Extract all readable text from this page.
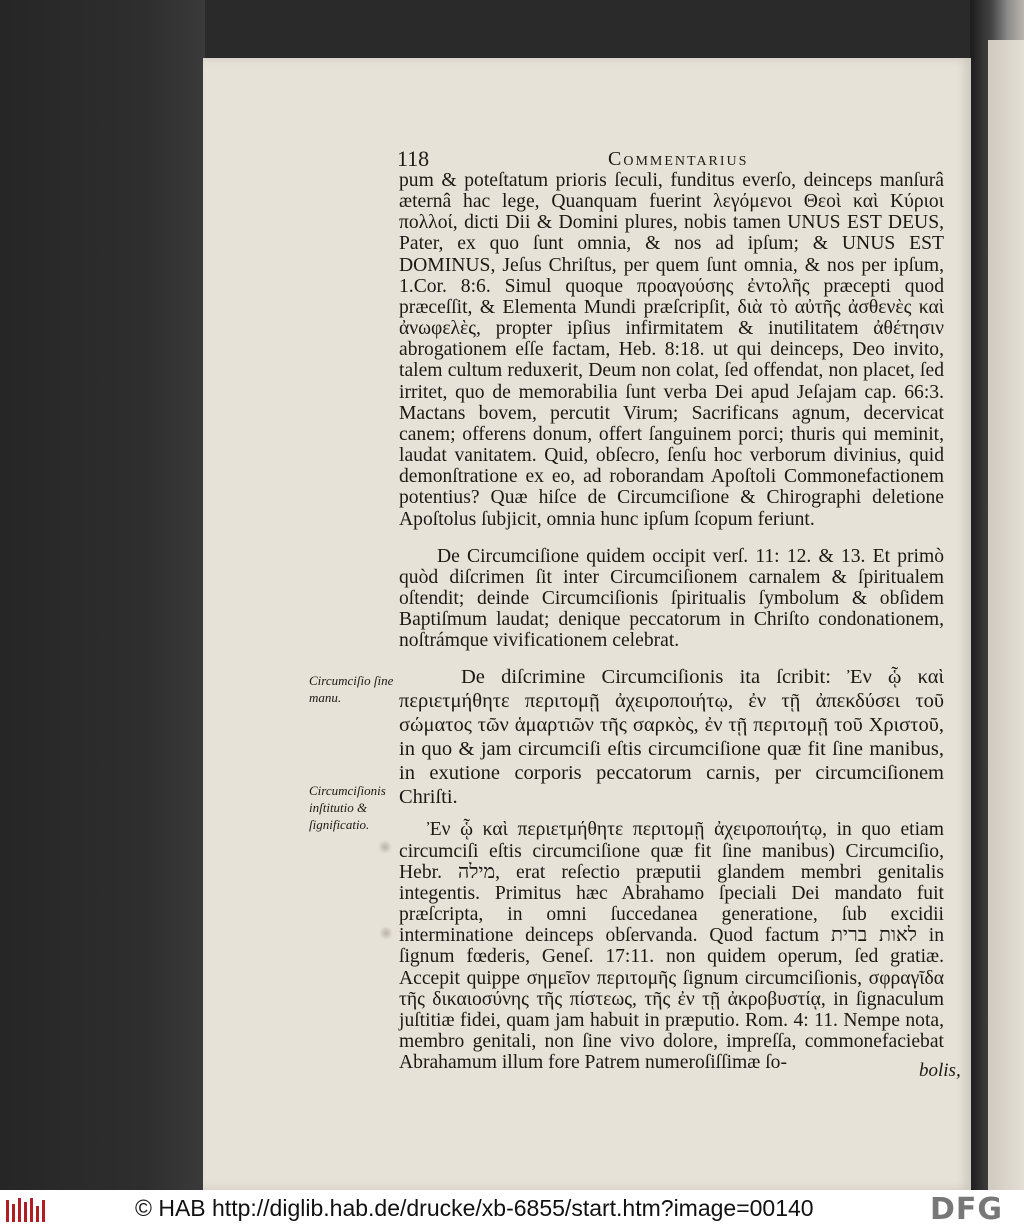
118	Commentarius

pum & poteſtatum prioris ſeculi, funditus everſo, deinceps manſurâ æternâ hac lege, Quanquam fuerint λεγόμενοι Θεοὶ καὶ Κύριοι πολλοί, dicti Dii & Domini plures, nobis tamen UNUS EST DEUS, Pater, ex quo ſunt omnia, & nos ad ipſum; & UNUS EST DOMINUS, Jeſus Chriſtus, per quem ſunt omnia, & nos per ipſum, 1.Cor. 8:6. Simul quoque προαγούσης ἐντολῆς præcepti quod præceſſit, & Elementa Mundi præſcripſit, διὰ τὸ αὐτῆς ἀσθενὲς καὶ ἀνωφελὲς, propter ipſius infirmitatem & inutilitatem ἀθέτησιν abrogationem eſſe factam, Heb. 8:18. ut qui deinceps, Deo invito, talem cultum reduxerit, Deum non colat, ſed offendat, non placet, ſed irritet, quo de memorabilia ſunt verba Dei apud Jeſajam cap. 66:3. Mactans bovem, percutit Virum; Sacrificans agnum, decervicat canem; offerens donum, offert ſanguinem porci; thuris qui meminit, laudat vanitatem. Quid, obſecro, ſenſu hoc verborum divinius, quid demonſtratione ex eo, ad roborandam Apoſtoli Commonefactionem potentius? Quæ hiſce de Circumciſione & Chirographi deletione Apoſtolus ſubjicit, omnia hunc ipſum ſcopum feriunt.

De Circumciſione quidem occipit verſ. 11: 12. & 13. Et primò quòd diſcrimen ſit inter Circumciſionem carnalem & ſpiritualem oſtendit; deinde Circumciſionis ſpiritualis ſymbolum & obſidem Baptiſmum laudat; denique peccatorum in Chriſto condonationem, noſtrámque vivificationem celebrat.

De diſcrimine Circumciſionis ita ſcribit: Ἐν ᾧ καὶ περιετμήθητε περιτομῇ ἀχειροποιήτῳ, ἐν τῇ ἀπεκδύσει τοῦ σώματος τῶν ἁμαρτιῶν τῆς σαρκὸς, ἐν τῇ περιτομῇ τοῦ Χριστοῦ, in quo & jam circumciſi eſtis circumciſione quæ fit ſine manibus, in exutione corporis peccatorum carnis, per circumciſionem Chriſti.

Ἐν ᾧ καὶ περιετμήθητε περιτομῇ ἀχειροποιήτῳ, in quo etiam circumciſi eſtis circumciſione quæ fit ſine manibus) Circumciſio, Hebr. מילה, erat reſectio præputii glandem membri genitalis integentis. Primitus hæc Abrahamo ſpeciali Dei mandato fuit præſcripta, in omni ſuccedanea generatione, ſub excidii interminatione deinceps obſervanda. Quod factum לאות ברית in ſignum fœderis, Geneſ. 17:11. non quidem operum, ſed gratiæ. Accepit quippe σημεῖον περιτομῆς ſignum circumciſionis, σφραγῖδα τῆς δικαιοσύνης τῆς πίστεως, τῆς ἐν τῇ ἀκροβυστίᾳ, in ſignaculum juſtitiæ fidei, quam jam habuit in præputio. Rom. 4: 11. Nempe nota, membro genitali, non ſine vivo dolore, impreſſa, commonefaciebat Abrahamum illum fore Patrem numeroſiſſimæ ſo-

Circumciſio ſine manu.
Circumciſionis inſtitutio & ſignificatio.
bolis,
© HAB http://diglib.hab.de/drucke/xb-6855/start.htm?image=00140	DFG
